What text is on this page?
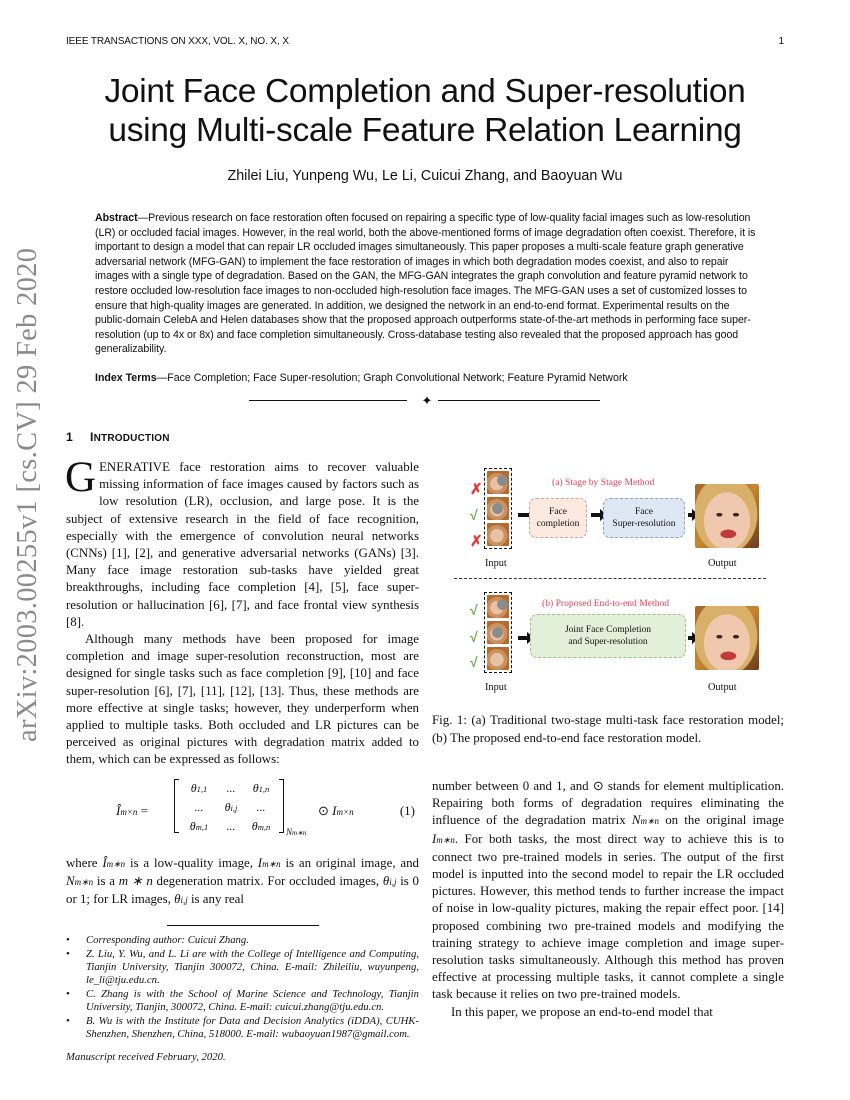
IEEE TRANSACTIONS ON XXX, VOL. X, NO. X, X	1
arXiv:2003.00255v1 [cs.CV] 29 Feb 2020
Joint Face Completion and Super-resolution
using Multi-scale Feature Relation Learning
Zhilei Liu, Yunpeng Wu, Le Li, Cuicui Zhang, and Baoyuan Wu
Abstract—Previous research on face restoration often focused on repairing a specific type of low-quality facial images such as low-resolution (LR) or occluded facial images. However, in the real world, both the above-mentioned forms of image degradation often coexist. Therefore, it is important to design a model that can repair LR occluded images simultaneously. This paper proposes a multi-scale feature graph generative adversarial network (MFG-GAN) to implement the face restoration of images in which both degradation modes coexist, and also to repair images with a single type of degradation. Based on the GAN, the MFG-GAN integrates the graph convolution and feature pyramid network to restore occluded low-resolution face images to non-occluded high-resolution face images. The MFG-GAN uses a set of customized losses to ensure that high-quality images are generated. In addition, we designed the network in an end-to-end format. Experimental results on the public-domain CelebA and Helen databases show that the proposed approach outperforms state-of-the-art methods in performing face super-resolution (up to 4x or 8x) and face completion simultaneously. Cross-database testing also revealed that the proposed approach has good generalizability.
Index Terms—Face Completion; Face Super-resolution; Graph Convolutional Network; Feature Pyramid Network
✦
1 INTRODUCTION

GENERATIVE face restoration aims to recover valuable missing information of face images caused by factors such as low resolution (LR), occlusion, and large pose. It is the subject of extensive research in the field of face recognition, especially with the emergence of convolution neural networks (CNNs) [1], [2], and generative adversarial networks (GANs) [3]. Many face image restoration sub-tasks have yielded great breakthroughs, including face completion [4], [5], face super-resolution or hallucination [6], [7], and face frontal view synthesis [8].

Although many methods have been proposed for image completion and image super-resolution reconstruction, most are designed for single tasks such as face completion [9], [10] and face super-resolution [6], [7], [11], [12], [13]. Thus, these methods are more effective at single tasks; however, they underperform when applied to multiple tasks. Both occluded and LR pictures can be perceived as original pictures with degradation matrix added to them, which can be expressed as follows:

Îm×n =
θ1,1	...	θ1,n
...	θi,j	...
θm,1	...	θm,n	Nm∗n
⊙ Im×n	(1)

where Îm∗n is a low-quality image, Im∗n is an original image, and Nm∗n is a m ∗ n degeneration matrix. For occluded images, θi,j is 0 or 1; for LR images, θi,j is any real

• Corresponding author: Cuicui Zhang.
• Z. Liu, Y. Wu, and L. Li are with the College of Intelligence and Computing, Tianjin University, Tianjin 300072, China. E-mail: Zhileiliu, wuyunpeng, le_li@tju.edu.cn.
• C. Zhang is with the School of Marine Science and Technology, Tianjin University, Tianjin, 300072, China. E-mail: cuicui.zhang@tju.edu.cn.
• B. Wu is with the Institute for Data and Decision Analytics (iDDA), CUHK-Shenzhen, Shenzhen, China, 518000. E-mail: wubaoyuan1987@gmail.com.
Manuscript received February, 2020.
✗
√
✗
(a) Stage by Stage Method
Face
completion
Face
Super-resolution
Input	Output
√
√
√
(b) Proposed End-to-end Method
Joint Face Completion
and Super-resolution
Input	Output
Fig. 1: (a) Traditional two-stage multi-task face restoration model; (b) The proposed end-to-end face restoration model.

number between 0 and 1, and ⊙ stands for element multiplication. Repairing both forms of degradation requires eliminating the influence of the degradation matrix Nm∗n on the original image Im∗n. For both tasks, the most direct way to achieve this is to connect two pre-trained models in series. The output of the first model is inputted into the second model to repair the LR occluded pictures. However, this method tends to further increase the impact of noise in low-quality pictures, making the repair effect poor. [14] proposed combining two pre-trained models and modifying the training strategy to achieve image completion and image super-resolution tasks simultaneously. Although this method has proven effective at processing multiple tasks, it cannot complete a single task because it relies on two pre-trained models.

In this paper, we propose an end-to-end model that
